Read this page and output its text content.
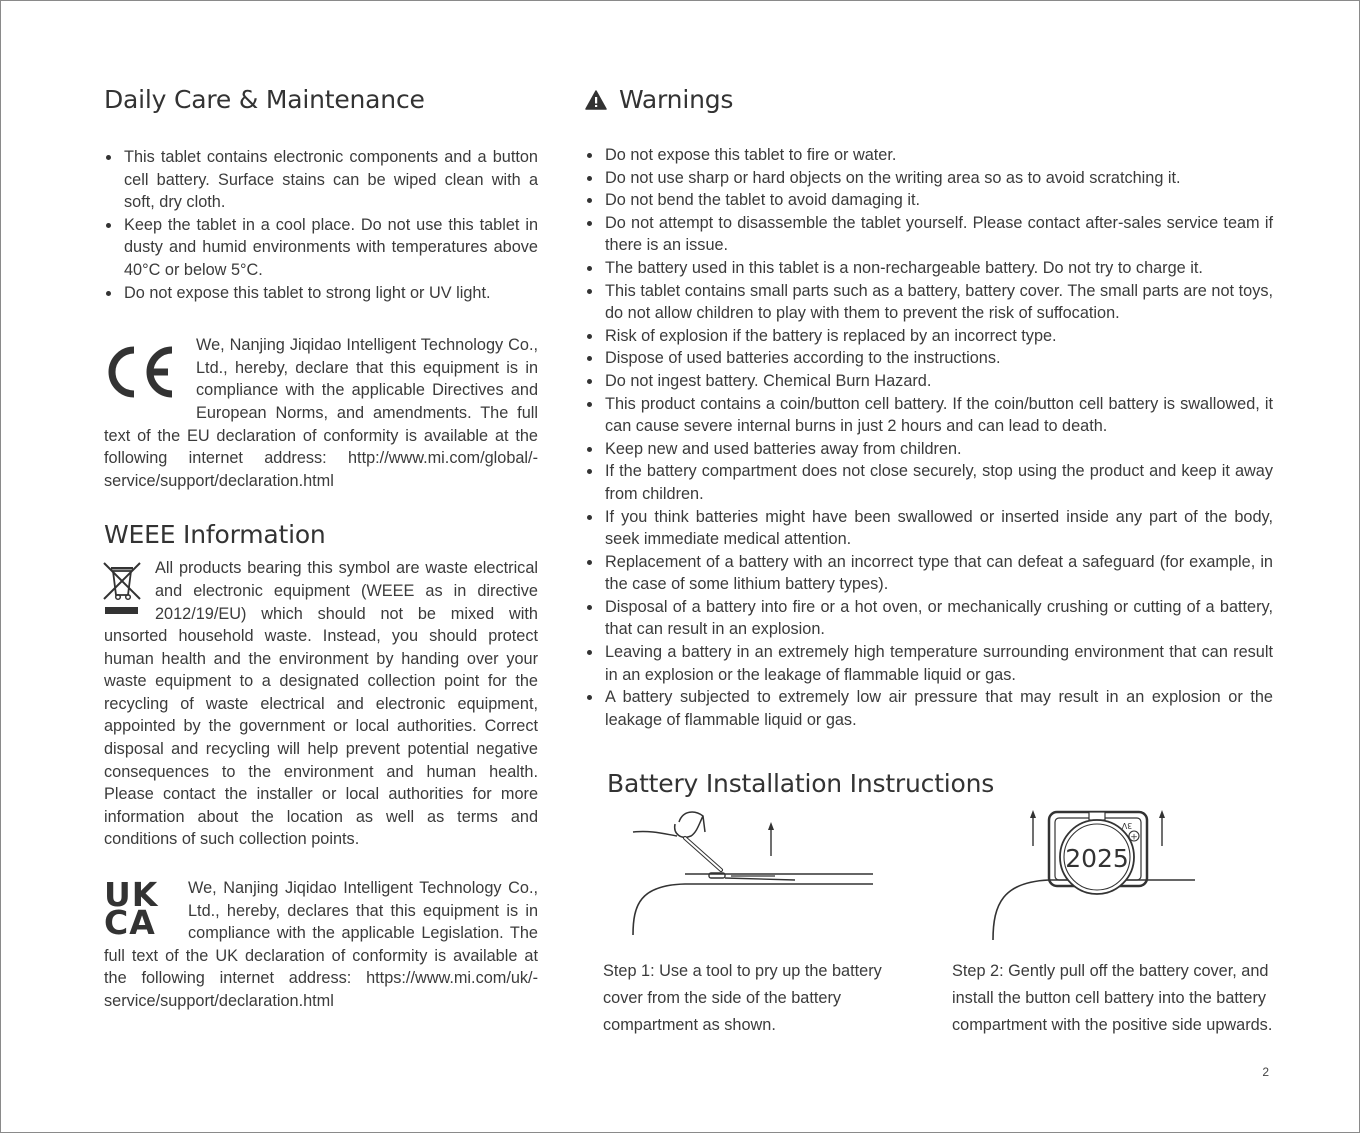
Daily Care & Maintenance
This tablet contains electronic components and a button cell battery. Surface stains can be wiped clean with a soft, dry cloth.
Keep the tablet in a cool place. Do not use this tablet in dusty and humid environments with temperatures above 40°C or below 5°C.
Do not expose this tablet to strong light or UV light.

We, Nanjing Jiqidao Intelligent Technology Co., Ltd., hereby, declare that this equipment is in compliance with the applicable Directives and European Norms, and amendments. The full text of the EU declaration of conformity is available at the following internet address: http://www.mi.com/global/-service/support/declaration.html

WEEE Information

All products bearing this symbol are waste electrical and electronic equipment (WEEE as in directive 2012/19/EU) which should not be mixed with unsorted household waste. Instead, you should protect human health and the environment by handing over your waste equipment to a designated collection point for the recycling of waste electrical and electronic equipment, appointed by the government or local authorities. Correct disposal and recycling will help prevent potential negative consequences to the environment and human health. Please contact the installer or local authorities for more information about the location as well as terms and conditions of such collection points.

UK
CA

We, Nanjing Jiqidao Intelligent Technology Co., Ltd., hereby, declares that this equipment is in compliance with the applicable Legislation. The full text of the UK declaration of conformity is available at the following internet address: https://www.mi.com/uk/-service/support/declaration.html

Warnings
Do not expose this tablet to fire or water.
Do not use sharp or hard objects on the writing area so as to avoid scratching it.
Do not bend the tablet to avoid damaging it.
Do not attempt to disassemble the tablet yourself. Please contact after-sales service team if there is an issue.
The battery used in this tablet is a non-rechargeable battery. Do not try to charge it.
This tablet contains small parts such as a battery, battery cover. The small parts are not toys, do not allow children to play with them to prevent the risk of suffocation.
Risk of explosion if the battery is replaced by an incorrect type.
Dispose of used batteries according to the instructions.
Do not ingest battery. Chemical Burn Hazard.
This product contains a coin/button cell battery. If the coin/button cell battery is swallowed, it can cause severe internal burns in just 2 hours and can lead to death.
Keep new and used batteries away from children.
If the battery compartment does not close securely, stop using the product and keep it away from children.
If you think batteries might have been swallowed or inserted inside any part of the body, seek immediate medical attention.
Replacement of a battery with an incorrect type that can defeat a safeguard (for example, in the case of some lithium battery types).
Disposal of a battery into fire or a hot oven, or mechanically crushing or cutting of a battery, that can result in an explosion.
Leaving a battery in an extremely high temperature surrounding environment that can result in an explosion or the leakage of flammable liquid or gas.
A battery subjected to extremely low air pressure that may result in an explosion or the leakage of flammable liquid or gas.
Battery Installation Instructions
+
3V
2025
Step 1: Use a tool to pry up the battery cover from the side of the battery compartment as shown.
Step 2: Gently pull off the battery cover, and install the button cell battery into the battery compartment with the positive side upwards.
2
